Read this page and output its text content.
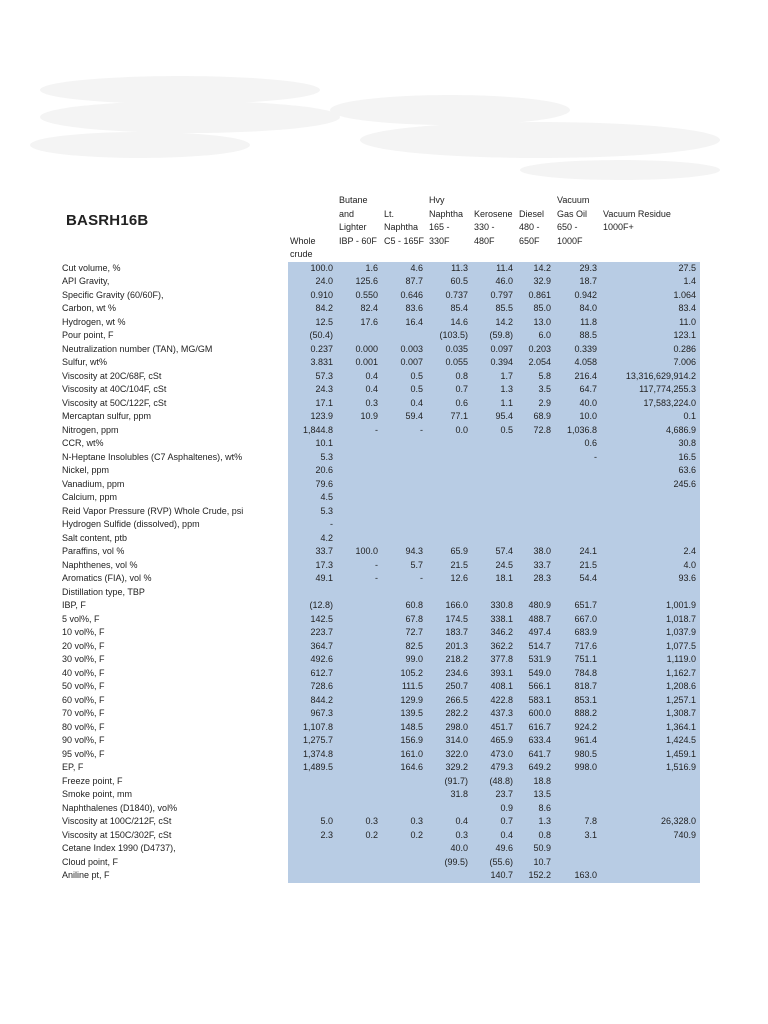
BASRH16B
		Butane		Hvy			Vacuum	
		and	Lt.	Naphtha	Kerosene	Diesel	Gas Oil	Vacuum Residue
		Lighter	Naphtha	165 -	330 -	480 -	650 -	1000F+
	Whole	IBP - 60F	C5 - 165F	330F	480F	650F	1000F	
	crude							
Cut volume, %	100.0	1.6	4.6	11.3	11.4	14.2	29.3	27.5
API Gravity,	24.0	125.6	87.7	60.5	46.0	32.9	18.7	1.4
Specific Gravity (60/60F),	0.910	0.550	0.646	0.737	0.797	0.861	0.942	1.064
Carbon, wt %	84.2	82.4	83.6	85.4	85.5	85.0	84.0	83.4
Hydrogen, wt %	12.5	17.6	16.4	14.6	14.2	13.0	11.8	11.0
Pour point, F	(50.4)			(103.5)	(59.8)	6.0	88.5	123.1
Neutralization number (TAN), MG/GM	0.237	0.000	0.003	0.035	0.097	0.203	0.339	0.286
Sulfur, wt%	3.831	0.001	0.007	0.055	0.394	2.054	4.058	7.006
Viscosity at 20C/68F, cSt	57.3	0.4	0.5	0.8	1.7	5.8	216.4	13,316,629,914.2
Viscosity at 40C/104F, cSt	24.3	0.4	0.5	0.7	1.3	3.5	64.7	117,774,255.3
Viscosity at 50C/122F, cSt	17.1	0.3	0.4	0.6	1.1	2.9	40.0	17,583,224.0
Mercaptan sulfur, ppm	123.9	10.9	59.4	77.1	95.4	68.9	10.0	0.1
Nitrogen, ppm	1,844.8	-	-	0.0	0.5	72.8	1,036.8	4,686.9
CCR, wt%	10.1						0.6	30.8
N-Heptane Insolubles (C7 Asphaltenes), wt%	5.3						-	16.5
Nickel, ppm	20.6							63.6
Vanadium, ppm	79.6							245.6
Calcium, ppm	4.5							
Reid Vapor Pressure (RVP) Whole Crude, psi	5.3							
Hydrogen Sulfide (dissolved), ppm	-							
Salt content, ptb	4.2							
Paraffins, vol %	33.7	100.0	94.3	65.9	57.4	38.0	24.1	2.4
Naphthenes, vol %	17.3	-	5.7	21.5	24.5	33.7	21.5	4.0
Aromatics (FIA), vol %	49.1	-	-	12.6	18.1	28.3	54.4	93.6
Distillation type, TBP								
IBP, F	(12.8)		60.8	166.0	330.8	480.9	651.7	1,001.9
5 vol%, F	142.5		67.8	174.5	338.1	488.7	667.0	1,018.7
10 vol%, F	223.7		72.7	183.7	346.2	497.4	683.9	1,037.9
20 vol%, F	364.7		82.5	201.3	362.2	514.7	717.6	1,077.5
30 vol%, F	492.6		99.0	218.2	377.8	531.9	751.1	1,119.0
40 vol%, F	612.7		105.2	234.6	393.1	549.0	784.8	1,162.7
50 vol%, F	728.6		111.5	250.7	408.1	566.1	818.7	1,208.6
60 vol%, F	844.2		129.9	266.5	422.8	583.1	853.1	1,257.1
70 vol%, F	967.3		139.5	282.2	437.3	600.0	888.2	1,308.7
80 vol%, F	1,107.8		148.5	298.0	451.7	616.7	924.2	1,364.1
90 vol%, F	1,275.7		156.9	314.0	465.9	633.4	961.4	1,424.5
95 vol%, F	1,374.8		161.0	322.0	473.0	641.7	980.5	1,459.1
EP, F	1,489.5		164.6	329.2	479.3	649.2	998.0	1,516.9
Freeze point, F				(91.7)	(48.8)	18.8		
Smoke point, mm				31.8	23.7	13.5		
Naphthalenes (D1840), vol%					0.9	8.6		
Viscosity at 100C/212F, cSt	5.0	0.3	0.3	0.4	0.7	1.3	7.8	26,328.0
Viscosity at 150C/302F, cSt	2.3	0.2	0.2	0.3	0.4	0.8	3.1	740.9
Cetane Index 1990 (D4737),				40.0	49.6	50.9		
Cloud point, F				(99.5)	(55.6)	10.7		
Aniline pt, F					140.7	152.2	163.0	
